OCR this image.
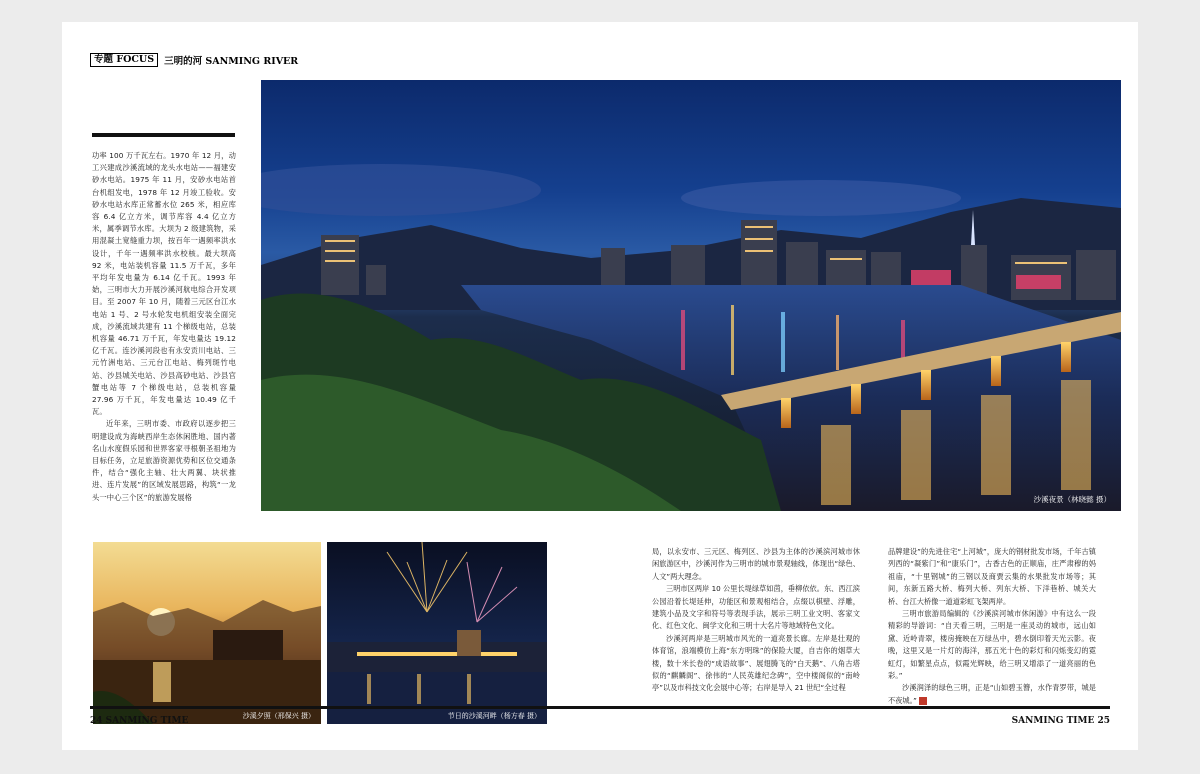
专题 FOCUS	三明的河 SANMING RIVER

功率 100 万千瓦左右。1970 年 12 月，动工兴建成沙溪流域的龙头水电站——福建安砂水电站。1975 年 11 月，安砂水电站首台机组发电，1978 年 12 月竣工验收。安砂水电站水库正常蓄水位 265 米，相应库容 6.4 亿立方米，调节库容 4.4 亿立方米，属季调节水库。大坝为 2 级建筑物，采用混凝土宽缝重力坝，按百年一遇频率洪水设计，千年一遇频率洪水校核。最大坝高 92 米，电站装机容量 11.5 万千瓦，多年平均年发电量为 6.14 亿千瓦。1993 年始，三明市大力开展沙溪河航电综合开发项目。至 2007 年 10 月，随着三元区台江水电站 1 号、2 号水轮发电机组安装全面完成，沙溪流域共建有 11 个梯级电站，总装机容量 46.71 万千瓦，年发电量达 19.12 亿千瓦。连沙溪河段也有永安贡川电站、三元竹洲电站、三元台江电站、梅列斑竹电站、沙县城关电站、沙县高砂电站、沙县官蟹电站等 7 个梯级电站，总装机容量 27.96 万千瓦，年发电量达 10.49 亿千瓦。

近年来，三明市委、市政府以逐步把三明建设成为海峡西岸生态休闲胜地、国内著名山水度假乐园和世界客家寻根朝圣祖地为目标任务，立足旅游资源优势和区位交通条件，结合“强化主轴、壮大两翼、块状推进、连片发展”的区域发展思路，构筑“一龙头一中心三个区”的旅游发展格	沙溪夜景（林晓懿 摄）
沙溪夕照（邢保兴 摄）	节日的沙溪河畔（杨方春 摄）

局，以永安市、三元区、梅列区、沙县为主体的沙溪滨河城市休闲旅游区中，沙溪河作为三明市的城市景观轴线，体现出“绿色、人文”两大理念。

三明市区两岸 10 公里长堤绿草如茵，垂柳依依。东、西江滨公园沿着长堤延伸，功能区和景观相结合，点缀以棋壁、浮雕，建筑小品及文字和符号等表现手法，展示三明工业文明、客家文化、红色文化、闽学文化和三明十大名片等地域特色文化。

沙溪河两岸是三明城市风光的一道亮景长廊。左岸是壮观的体育馆，浪端模仿上海“东方明珠”的保险大厦，自吉你的烟草大楼，数十米长卷的“成语故事”、展翅腾飞的“白天鹅”、八角古塔似的“麒麟阁”、徐伟的“人民英雄纪念碑”，空中楼阁似的“南岭亭”以及市科技文化会展中心等；右岸是导入 21 世纪“全过程

品牌建设”的先进住宅“上河城”，庞大的钢材批发市场，千年古镇列西的“凝紫门”和“康乐门”，古香古色的正顺庙，庄严肃穆的妈祖庙，“十里钢城”的三钢以及商贾云集的水果批发市场等；其间，东新五路大桥、梅列大桥、列东大桥、下洋巷桥、城关大桥、台江大桥像一道道彩虹飞架两岸。

三明市旅游局编辑的《沙溪滨河城市休闲游》中有这么一段精彩的导游词：“自天看三明，三明是一座灵动的城市，远山如黛、近岭青翠，楼房掩映在万绿丛中，碧水倒印着天光云影。夜晚，这里又是一片灯的海洋，那五光十色的彩灯和闪烁变幻的霓虹灯，如繁星点点，似霞光辉映，给三明又增添了一道亮丽的色彩。”

沙溪润泽的绿色三明，正是“山如碧玉簪，水作青罗带，城是不夜城。”

24 SANMING TIME	SANMING TIME 25
